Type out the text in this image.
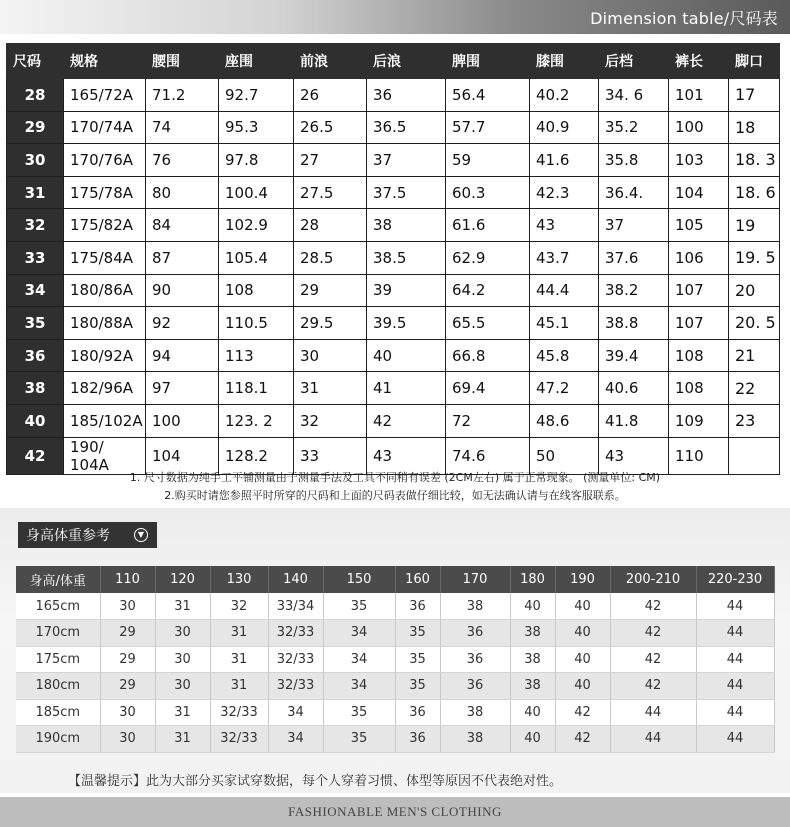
Dimension table/尺码表
尺码	规格	腰围	座围	前浪	后浪	脾围	膝围	后档	裤长	脚口
28	165/72A	71.2	92.7	26	36	56.4	40.2	34. 6	101	17
29	170/74A	74	95.3	26.5	36.5	57.7	40.9	35.2	100	18
30	170/76A	76	97.8	27	37	59	41.6	35.8	103	18. 3
31	175/78A	80	100.4	27.5	37.5	60.3	42.3	36.4.	104	18. 6
32	175/82A	84	102.9	28	38	61.6	43	37	105	19
33	175/84A	87	105.4	28.5	38.5	62.9	43.7	37.6	106	19. 5
34	180/86A	90	108	29	39	64.2	44.4	38.2	107	20
35	180/88A	92	110.5	29.5	39.5	65.5	45.1	38.8	107	20. 5
36	180/92A	94	113	30	40	66.8	45.8	39.4	108	21
38	182/96A	97	118.1	31	41	69.4	47.2	40.6	108	22
40	185/102A	100	123. 2	32	42	72	48.6	41.8	109	23
42	190/ 104A	104	128.2	33	43	74.6	50	43	110	
1. 尺寸数据为纯手工平铺测量由于测量手法及工具不同稍有误差 (2CM左右) 属于正常现象。 (测量单位: CM)
2.购买时请您参照平时所穿的尺码和上面的尺码表做仔细比较，如无法确认请与在线客服联系。
身高体重参考	▼
身高/体重	110	120	130	140	150	160	170	180	190	200-210	220-230
165cm	30	31	32	33/34	35	36	38	40	40	42	44
170cm	29	30	31	32/33	34	35	36	38	40	42	44
175cm	29	30	31	32/33	34	35	36	38	40	42	44
180cm	29	30	31	32/33	34	35	36	38	40	42	44
185cm	30	31	32/33	34	35	36	38	40	42	44	44
190cm	30	31	32/33	34	35	36	38	40	42	44	44
【温馨提示】此为大部分买家试穿数据，每个人穿着习惯、体型等原因不代表绝对性。
FASHIONABLE MEN'S CLOTHING
